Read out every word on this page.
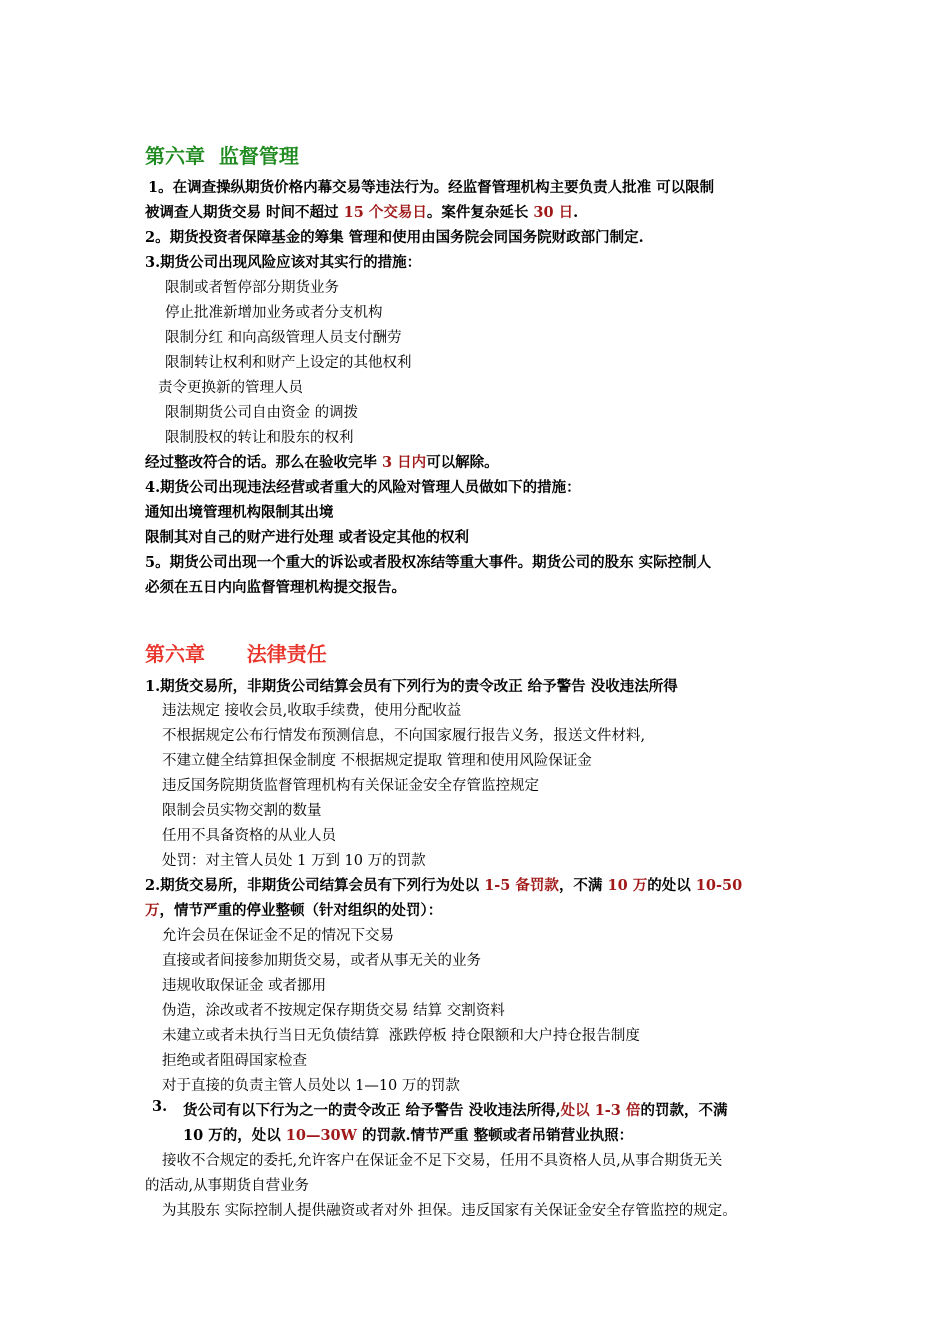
第六章  监督管理
1。在调查操纵期货价格内幕交易等违法行为。经监督管理机构主要负责人批准 可以限制
被调查人期货交易 时间不超过 15 个交易日。案件复杂延长 30 日.
2。期货投资者保障基金的筹集 管理和使用由国务院会同国务院财政部门制定.
3.期货公司出现风险应该对其实行的措施：
限制或者暂停部分期货业务
停止批准新增加业务或者分支机构
限制分红 和向高级管理人员支付酬劳
限制转让权利和财产上设定的其他权利
责令更换新的管理人员
限制期货公司自由资金 的调拨
限制股权的转让和股东的权利
经过整改符合的话。那么在验收完毕 3 日内可以解除。
4.期货公司出现违法经营或者重大的风险对管理人员做如下的措施：
通知出境管理机构限制其出境
限制其对自己的财产进行处理 或者设定其他的权利
5。期货公司出现一个重大的诉讼或者股权冻结等重大事件。期货公司的股东 实际控制人
必须在五日内向监督管理机构提交报告。
第六章      法律责任
1.期货交易所，非期货公司结算会员有下列行为的责令改正 给予警告 没收违法所得
违法规定 接收会员,收取手续费，使用分配收益
不根据规定公布行情发布预测信息，不向国家履行报告义务，报送文件材料,
不建立健全结算担保金制度 不根据规定提取 管理和使用风险保证金
违反国务院期货监督管理机构有关保证金安全存管监控规定
限制会员实物交割的数量
任用不具备资格的从业人员
处罚：对主管人员处 1 万到 10 万的罚款
2.期货交易所，非期货公司结算会员有下列行为处以 1-5 备罚款，不满 10 万的处以 10-50
万，情节严重的停业整顿（针对组织的处罚）：
允许会员在保证金不足的情况下交易
直接或者间接参加期货交易，或者从事无关的业务
违规收取保证金 或者挪用
伪造，涂改或者不按规定保存期货交易 结算 交割资料
未建立或者未执行当日无负债结算  涨跌停板 持仓限额和大户持仓报告制度
拒绝或者阻碍国家检查
对于直接的负责主管人员处以 1—10 万的罚款
3. 货公司有以下行为之一的责令改正 给予警告 没收违法所得,处以 1-3 倍的罚款，不满
10 万的，处以 10—30W 的罚款.情节严重 整顿或者吊销营业执照：
接收不合规定的委托,允许客户在保证金不足下交易，任用不具资格人员,从事合期货无关
的活动,从事期货自营业务
为其股东 实际控制人提供融资或者对外 担保。违反国家有关保证金安全存管监控的规定。
